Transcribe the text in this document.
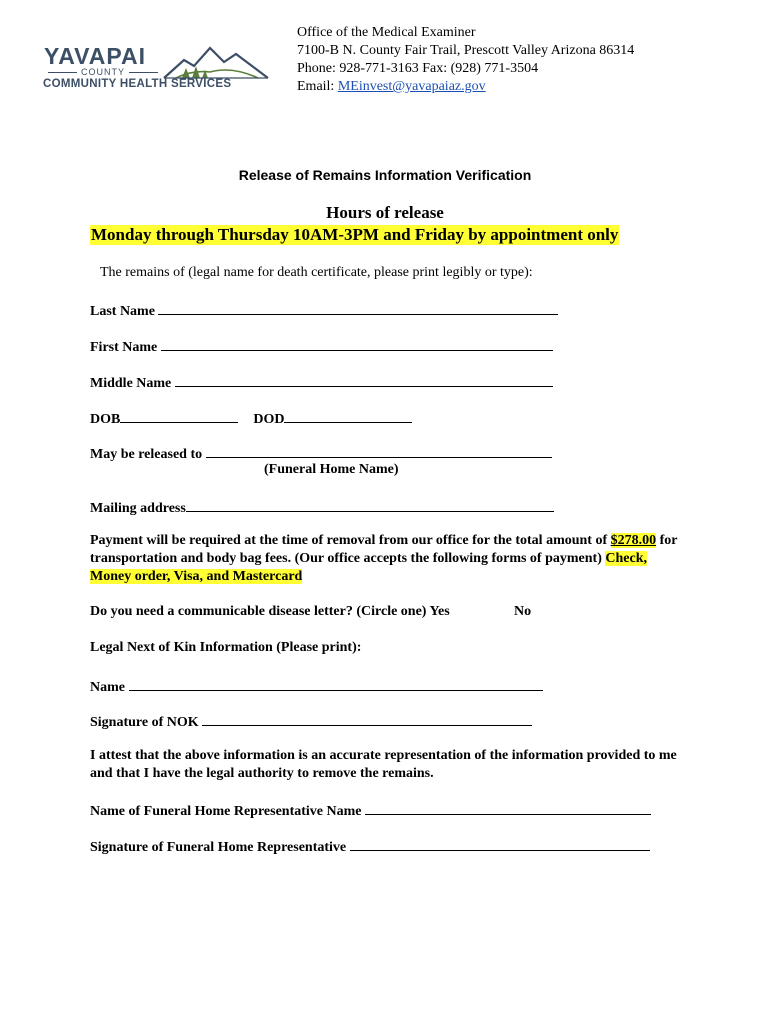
YAVAPAI
COUNTY
COMMUNITY HEALTH SERVICES
Office of the Medical Examiner
7100-B N. County Fair Trail, Prescott Valley Arizona 86314
Phone: 928-771-3163 Fax: (928) 771-3504
Email: MEinvest@yavapaiaz.gov
Release of Remains Information Verification
Hours of release
Monday through Thursday 10AM-3PM and Friday by appointment only
The remains of (legal name for death certificate, please print legibly or type):
Last Name
First Name
Middle Name
DOB	DOD
May be released to
(Funeral Home Name)
Mailing address
Payment will be required at the time of removal from our office for the total amount of $278.00 for transportation and body bag fees. (Our office accepts the following forms of payment) Check, Money order, Visa, and Mastercard
Do you need a communicable disease letter? (Circle one) Yes	No
Legal Next of Kin Information (Please print):
Name
Signature of NOK
I attest that the above information is an accurate representation of the information provided to me and that I have the legal authority to remove the remains.
Name of Funeral Home Representative Name
Signature of Funeral Home Representative
